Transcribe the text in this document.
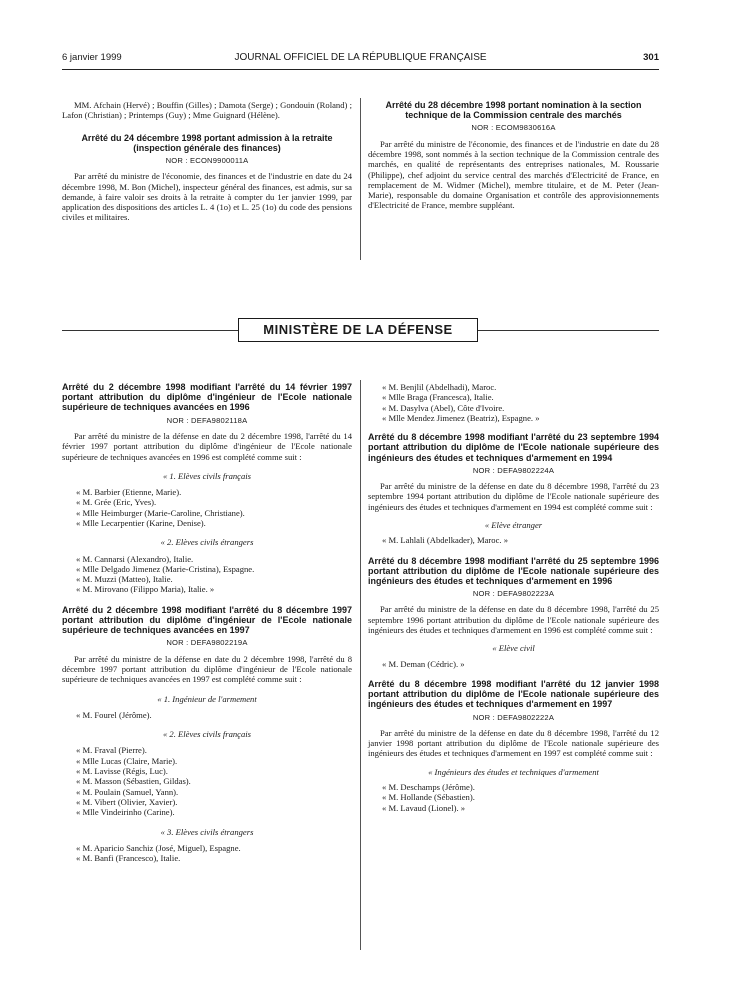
6 janvier 1999	JOURNAL OFFICIEL DE LA RÉPUBLIQUE FRANÇAISE	301

MM. Afchain (Hervé) ; Bouffin (Gilles) ; Damota (Serge) ; Gondouin (Roland) ; Lafon (Christian) ; Printemps (Guy) ; Mme Guignard (Hélène).

Arrêté du 24 décembre 1998 portant admission à la retraite (inspection générale des finances)

NOR : ECON9900011A

Par arrêté du ministre de l'économie, des finances et de l'industrie en date du 24 décembre 1998, M. Bon (Michel), inspecteur général des finances, est admis, sur sa demande, à faire valoir ses droits à la retraite à compter du 1er janvier 1999, par application des dispositions des articles L. 4 (1o) et L. 25 (1o) du code des pensions civiles et militaires.

Arrêté du 28 décembre 1998 portant nomination à la section technique de la Commission centrale des marchés

NOR : ECOM9830616A

Par arrêté du ministre de l'économie, des finances et de l'industrie en date du 28 décembre 1998, sont nommés à la section technique de la Commission centrale des marchés, en qualité de représentants des entreprises nationales, M. Roussarie (Philippe), chef adjoint du service central des marchés d'Electricité de France, en remplacement de M. Widmer (Michel), membre titulaire, et de M. Peter (Jean-Marie), responsable du domaine Organisation et contrôle des approvisionnements d'Electricité de France, membre suppléant.

MINISTÈRE DE LA DÉFENSE

Arrêté du 2 décembre 1998 modifiant l'arrêté du 14 février 1997 portant attribution du diplôme d'ingénieur de l'Ecole nationale supérieure de techniques avancées en 1996

NOR : DEFA9802118A

Par arrêté du ministre de la défense en date du 2 décembre 1998, l'arrêté du 14 février 1997 portant attribution du diplôme d'ingénieur de l'Ecole nationale supérieure de techniques avancées en 1996 est complété comme suit :

« 1. Elèves civils français

« M. Barbier (Etienne, Marie).

« M. Grée (Eric, Yves).

« Mlle Heimburger (Marie-Caroline, Christiane).

« Mlle Lecarpentier (Karine, Denise).

« 2. Elèves civils étrangers

« M. Cannarsi (Alexandro), Italie.

« Mlle Delgado Jimenez (Marie-Cristina), Espagne.

« M. Muzzi (Matteo), Italie.

« M. Mirovano (Filippo Maria), Italie. »

Arrêté du 2 décembre 1998 modifiant l'arrêté du 8 décembre 1997 portant attribution du diplôme d'ingénieur de l'Ecole nationale supérieure de techniques avancées en 1997

NOR : DEFA9802219A

Par arrêté du ministre de la défense en date du 2 décembre 1998, l'arrêté du 8 décembre 1997 portant attribution du diplôme d'ingénieur de l'Ecole nationale supérieure de techniques avancées en 1997 est complété comme suit :

« 1. Ingénieur de l'armement

« M. Fourel (Jérôme).

« 2. Elèves civils français

« M. Fraval (Pierre).

« Mlle Lucas (Claire, Marie).

« M. Lavisse (Régis, Luc).

« M. Masson (Sébastien, Gildas).

« M. Poulain (Samuel, Yann).

« M. Vibert (Olivier, Xavier).

« Mlle Vindeirinho (Carine).

« 3. Elèves civils étrangers

« M. Aparicio Sanchiz (José, Miguel), Espagne.

« M. Banfi (Francesco), Italie.

« M. Benjlil (Abdelhadi), Maroc.

« Mlle Braga (Francesca), Italie.

« M. Dasylva (Abel), Côte d'Ivoire.

« Mlle Mendez Jimenez (Beatriz), Espagne. »

Arrêté du 8 décembre 1998 modifiant l'arrêté du 23 septembre 1994 portant attribution du diplôme de l'Ecole nationale supérieure des ingénieurs des études et techniques d'armement en 1994

NOR : DEFA9802224A

Par arrêté du ministre de la défense en date du 8 décembre 1998, l'arrêté du 23 septembre 1994 portant attribution du diplôme de l'Ecole nationale supérieure des ingénieurs des études et techniques d'armement en 1994 est complété comme suit :

« Elève étranger

« M. Lahlali (Abdelkader), Maroc. »

Arrêté du 8 décembre 1998 modifiant l'arrêté du 25 septembre 1996 portant attribution du diplôme de l'Ecole nationale supérieure des ingénieurs des études et techniques d'armement en 1996

NOR : DEFA9802223A

Par arrêté du ministre de la défense en date du 8 décembre 1998, l'arrêté du 25 septembre 1996 portant attribution du diplôme de l'Ecole nationale supérieure des ingénieurs des études et techniques d'armement en 1996 est complété comme suit :

« Elève civil

« M. Deman (Cédric). »

Arrêté du 8 décembre 1998 modifiant l'arrêté du 12 janvier 1998 portant attribution du diplôme de l'Ecole nationale supérieure des ingénieurs des études et techniques d'armement en 1997

NOR : DEFA9802222A

Par arrêté du ministre de la défense en date du 8 décembre 1998, l'arrêté du 12 janvier 1998 portant attribution du diplôme de l'Ecole nationale supérieure des ingénieurs des études et techniques d'armement en 1997 est complété comme suit :

« Ingénieurs des études et techniques d'armement

« M. Deschamps (Jérôme).

« M. Hollande (Sébastien).

« M. Lavaud (Lionel). »
